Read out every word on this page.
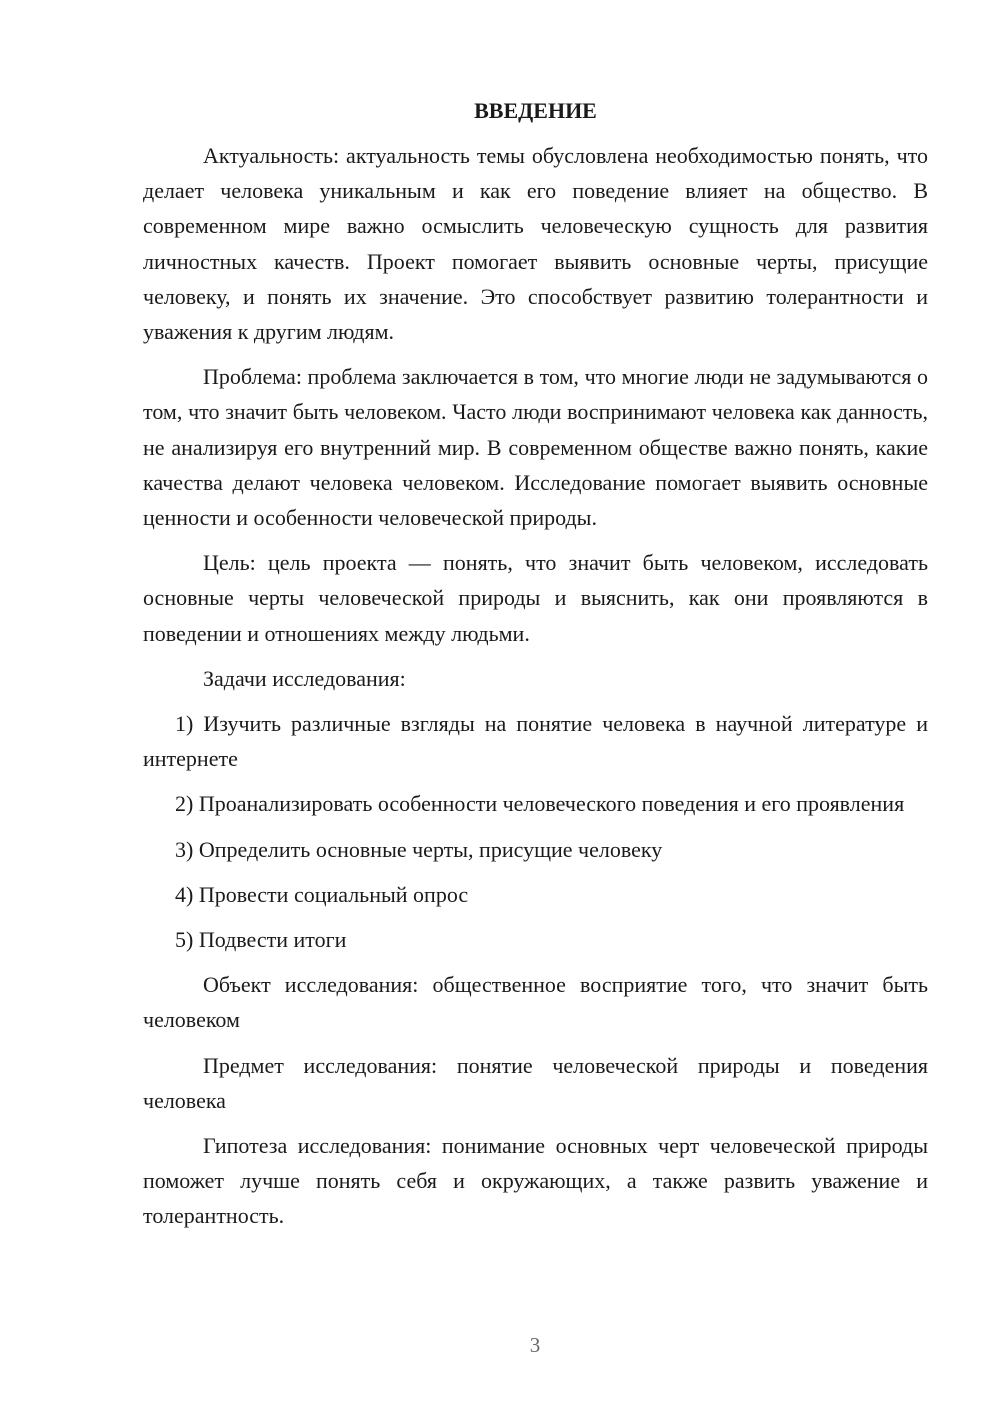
ВВЕДЕНИЕ

Актуальность: актуальность темы обусловлена необходимостью понять, что делает человека уникальным и как его поведение влияет на общество. В современном мире важно осмыслить человеческую сущность для развития личностных качеств. Проект помогает выявить основные черты, присущие человеку, и понять их значение. Это способствует развитию толерантности и уважения к другим людям.

Проблема: проблема заключается в том, что многие люди не задумываются о том, что значит быть человеком. Часто люди воспринимают человека как данность, не анализируя его внутренний мир. В современном обществе важно понять, какие качества делают человека человеком. Исследование помогает выявить основные ценности и особенности человеческой природы.

Цель: цель проекта — понять, что значит быть человеком, исследовать основные черты человеческой природы и выяснить, как они проявляются в поведении и отношениях между людьми.

Задачи исследования:

1) Изучить различные взгляды на понятие человека в научной литературе и интернете

2) Проанализировать особенности человеческого поведения и его проявления

3) Определить основные черты, присущие человеку

4) Провести социальный опрос

5) Подвести итоги

Объект исследования: общественное восприятие того, что значит быть человеком

Предмет исследования: понятие человеческой природы и поведения человека

Гипотеза исследования: понимание основных черт человеческой природы поможет лучше понять себя и окружающих, а также развить уважение и толерантность.

3
